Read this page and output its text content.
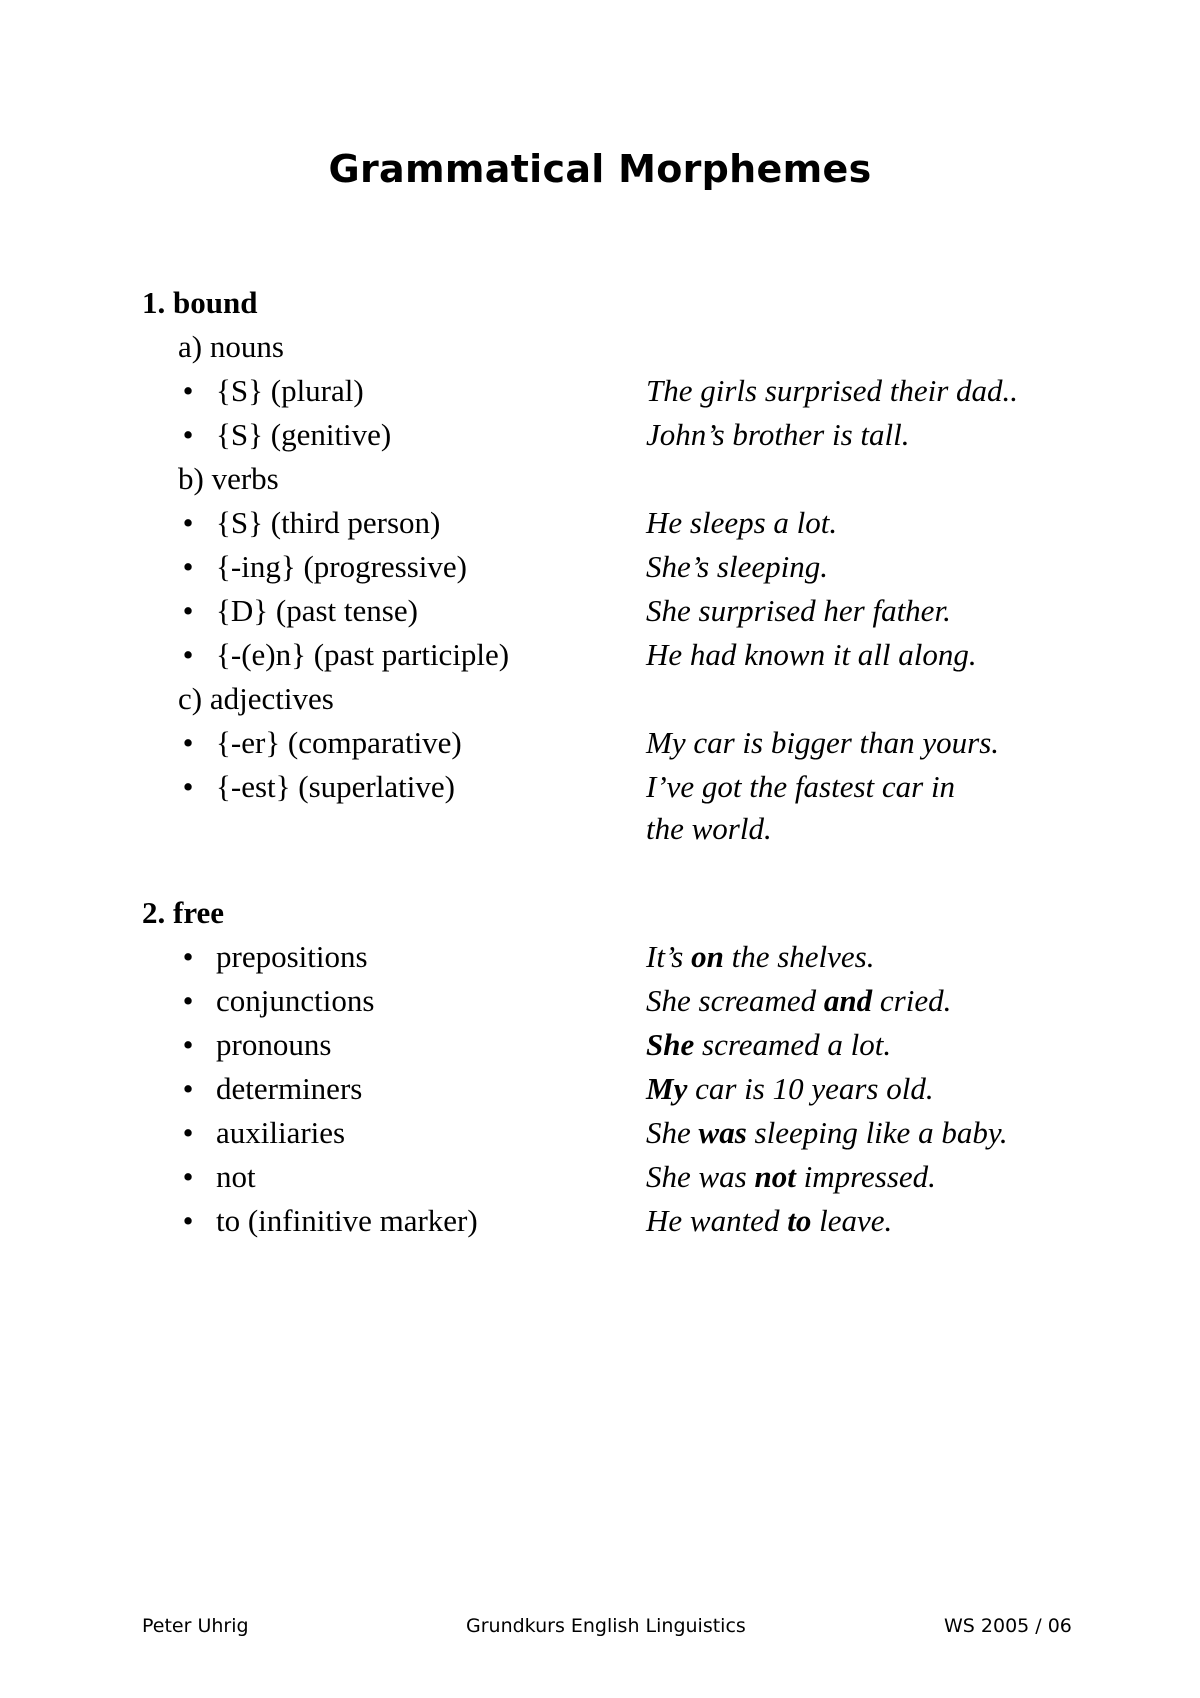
Grammatical Morphemes
1. bound
a) nouns
• {S} (plural)	The girls surprised their dad..
• {S} (genitive)	John’s brother is tall.
b) verbs
• {S} (third person)	He sleeps a lot.
• {-ing} (progressive)	She’s sleeping.
• {D} (past tense)	She surprised her father.
• {-(e)n} (past participle)	He had known it all along.
c) adjectives
• {-er} (comparative)	My car is bigger than yours.
• {-est} (superlative)	I’ve got the fastest car in
the world.
2. free
• prepositions	It’s on the shelves.
• conjunctions	She screamed and cried.
• pronouns	She screamed a lot.
• determiners	My car is 10 years old.
• auxiliaries	She was sleeping like a baby.
• not	She was not impressed.
• to (infinitive marker)	He wanted to leave.
Peter Uhrig	Grundkurs English Linguistics	WS 2005 / 06
